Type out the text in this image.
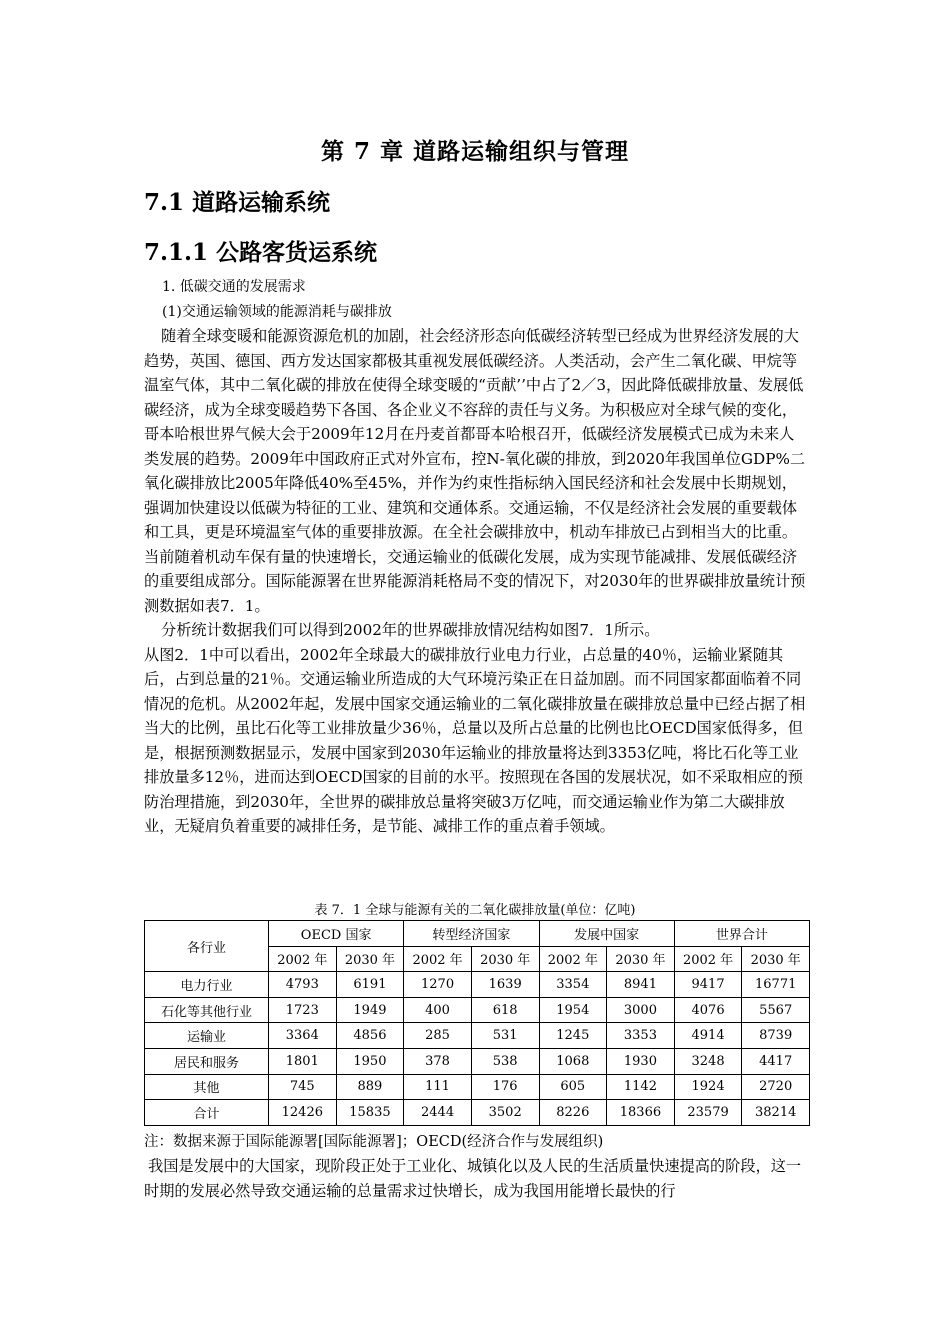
第 7 章 道路运输组织与管理
7.1 道路运输系统
7.1.1 公路客货运系统
1. 低碳交通的发展需求
(1)交通运输领域的能源消耗与碳排放

随着全球变暖和能源资源危机的加剧，社会经济形态向低碳经济转型已经成为世界经济发展的大趋势，英国、德国、西方发达国家都极其重视发展低碳经济。人类活动，会产生二氧化碳、甲烷等温室气体，其中二氧化碳的排放在使得全球变暖的“贡献’’中占了2／3，因此降低碳排放量、发展低碳经济，成为全球变暖趋势下各国、各企业义不容辞的责任与义务。为积极应对全球气候的变化，哥本哈根世界气候大会于2009年12月在丹麦首都哥本哈根召开，低碳经济发展模式已成为未来人类发展的趋势。2009年中国政府正式对外宣布，控N-氧化碳的排放，到2020年我国单位GDP%二氧化碳排放比2005年降低40%至45%，并作为约束性指标纳入国民经济和社会发展中长期规划，强调加快建设以低碳为特征的工业、建筑和交通体系。交通运输，不仅是经济社会发展的重要载体和工具，更是环境温室气体的重要排放源。在全社会碳排放中，机动车排放已占到相当大的比重。当前随着机动车保有量的快速增长，交通运输业的低碳化发展，成为实现节能减排、发展低碳经济的重要组成部分。国际能源署在世界能源消耗格局不变的情况下，对2030年的世界碳排放量统计预测数据如表7．1。

分析统计数据我们可以得到2002年的世界碳排放情况结构如图7．1所示。

从图2．1中可以看出，2002年全球最大的碳排放行业电力行业，占总量的40％，运输业紧随其后，占到总量的21％。交通运输业所造成的大气环境污染正在日益加剧。而不同国家都面临着不同情况的危机。从2002年起，发展中国家交通运输业的二氧化碳排放量在碳排放总量中已经占据了相当大的比例，虽比石化等工业排放量少36％，总量以及所占总量的比例也比OECD国家低得多，但是，根据预测数据显示，发展中国家到2030年运输业的排放量将达到3353亿吨，将比石化等工业排放量多12％，进而达到OECD国家的目前的水平。按照现在各国的发展状况，如不采取相应的预防治理措施，到2030年，全世界的碳排放总量将突破3万亿吨，而交通运输业作为第二大碳排放业，无疑肩负着重要的减排任务，是节能、减排工作的重点着手领域。

表 7．1 全球与能源有关的二氧化碳排放量(单位：亿吨)
各行业	OECD 国家		转型经济国家		发展中国家		世界合计	
	2002 年	2030 年	2002 年	2030 年	2002 年	2030 年	2002 年	2030 年
电力行业	4793	6191	1270	1639	3354	8941	9417	16771
石化等其他行业	1723	1949	400	618	1954	3000	4076	5567
运输业	3364	4856	285	531	1245	3353	4914	8739
居民和服务	1801	1950	378	538	1068	1930	3248	4417
其他	745	889	111	176	605	1142	1924	2720
合计	12426	15835	2444	3502	8226	18366	23579	38214
注：数据来源于国际能源署[国际能源署]；OECD(经济合作与发展组织)

我国是发展中的大国家，现阶段正处于工业化、城镇化以及人民的生活质量快速提高的阶段，这一时期的发展必然导致交通运输的总量需求过快增长，成为我国用能增长最快的行
